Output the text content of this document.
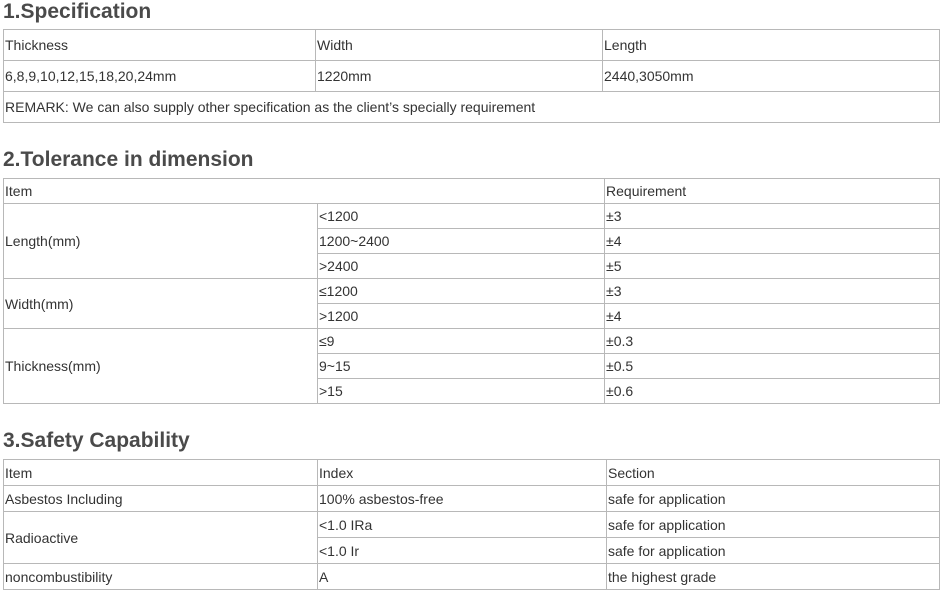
1.Specification
Thickness	Width	Length
6,8,9,10,12,15,18,20,24mm	1220mm	2440,3050mm
REMARK: We can also supply other specification as the client’s specially requirement		
2.Tolerance in dimension
Item		Requirement
Length(mm)	<1200	±3
	1200~2400	±4
	>2400	±5
Width(mm)	≤1200	±3
	>1200	±4
Thickness(mm)	≤9	±0.3
	9~15	±0.5
	>15	±0.6
3.Safety Capability
Item	Index	Section
Asbestos Including	100% asbestos-free	safe for application
Radioactive	<1.0 IRa	safe for application
	<1.0 Ir	safe for application
noncombustibility	A	the highest grade
